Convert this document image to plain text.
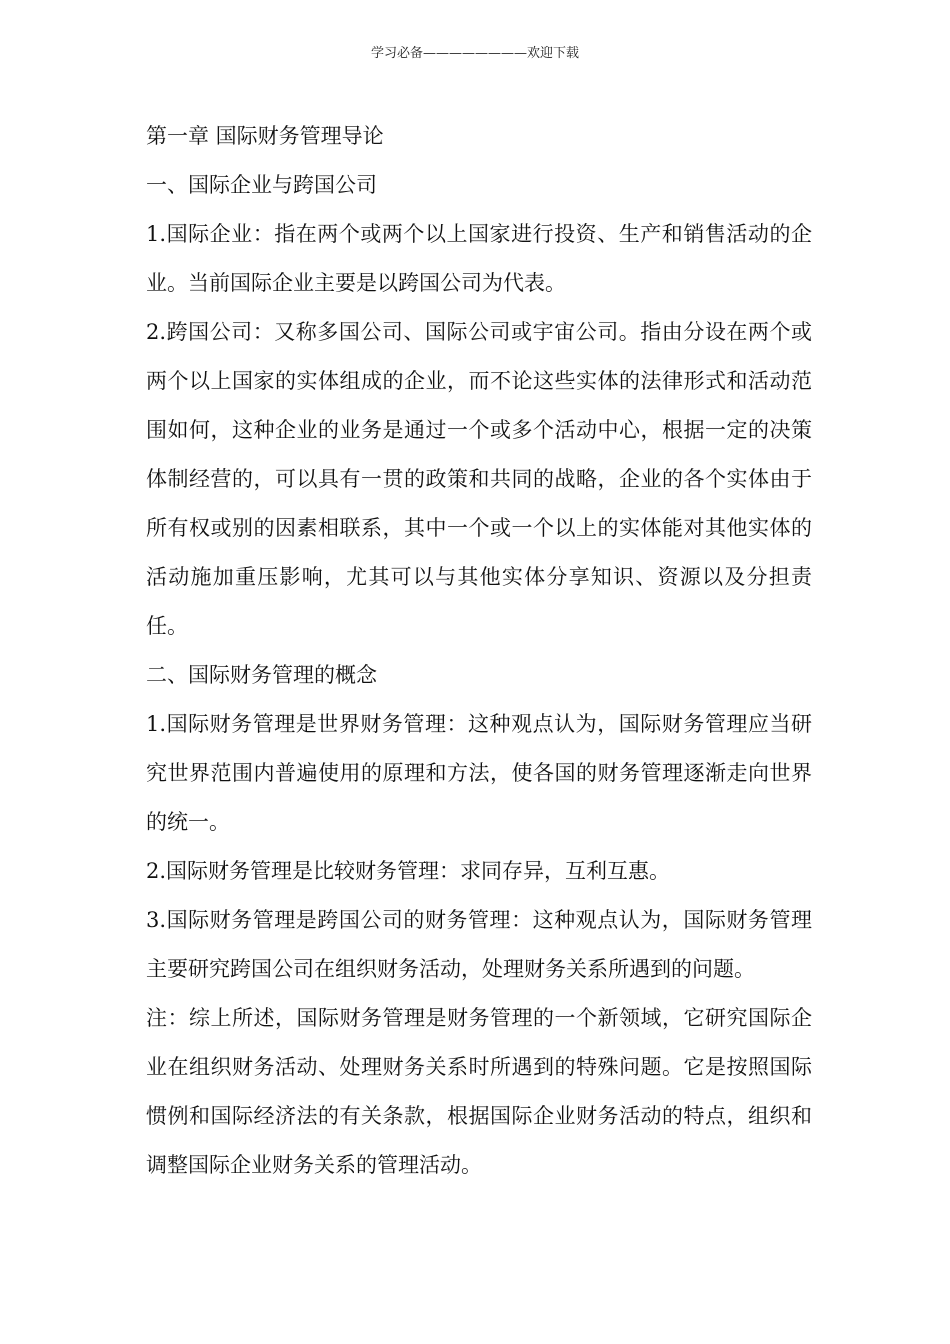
学习必备————————欢迎下载

第一章 国际财务管理导论

一、国际企业与跨国公司

1.国际企业：指在两个或两个以上国家进行投资、生产和销售活动的企业。当前国际企业主要是以跨国公司为代表。

2.跨国公司：又称多国公司、国际公司或宇宙公司。指由分设在两个或两个以上国家的实体组成的企业，而不论这些实体的法律形式和活动范围如何，这种企业的业务是通过一个或多个活动中心，根据一定的决策体制经营的，可以具有一贯的政策和共同的战略，企业的各个实体由于所有权或别的因素相联系，其中一个或一个以上的实体能对其他实体的活动施加重压影响，尤其可以与其他实体分享知识、资源以及分担责任。

二、国际财务管理的概念

1.国际财务管理是世界财务管理：这种观点认为，国际财务管理应当研究世界范围内普遍使用的原理和方法，使各国的财务管理逐渐走向世界的统一。

2.国际财务管理是比较财务管理：求同存异，互利互惠。

3.国际财务管理是跨国公司的财务管理：这种观点认为，国际财务管理主要研究跨国公司在组织财务活动，处理财务关系所遇到的问题。

注：综上所述，国际财务管理是财务管理的一个新领域，它研究国际企业在组织财务活动、处理财务关系时所遇到的特殊问题。它是按照国际惯例和国际经济法的有关条款，根据国际企业财务活动的特点，组织和调整国际企业财务关系的管理活动。
